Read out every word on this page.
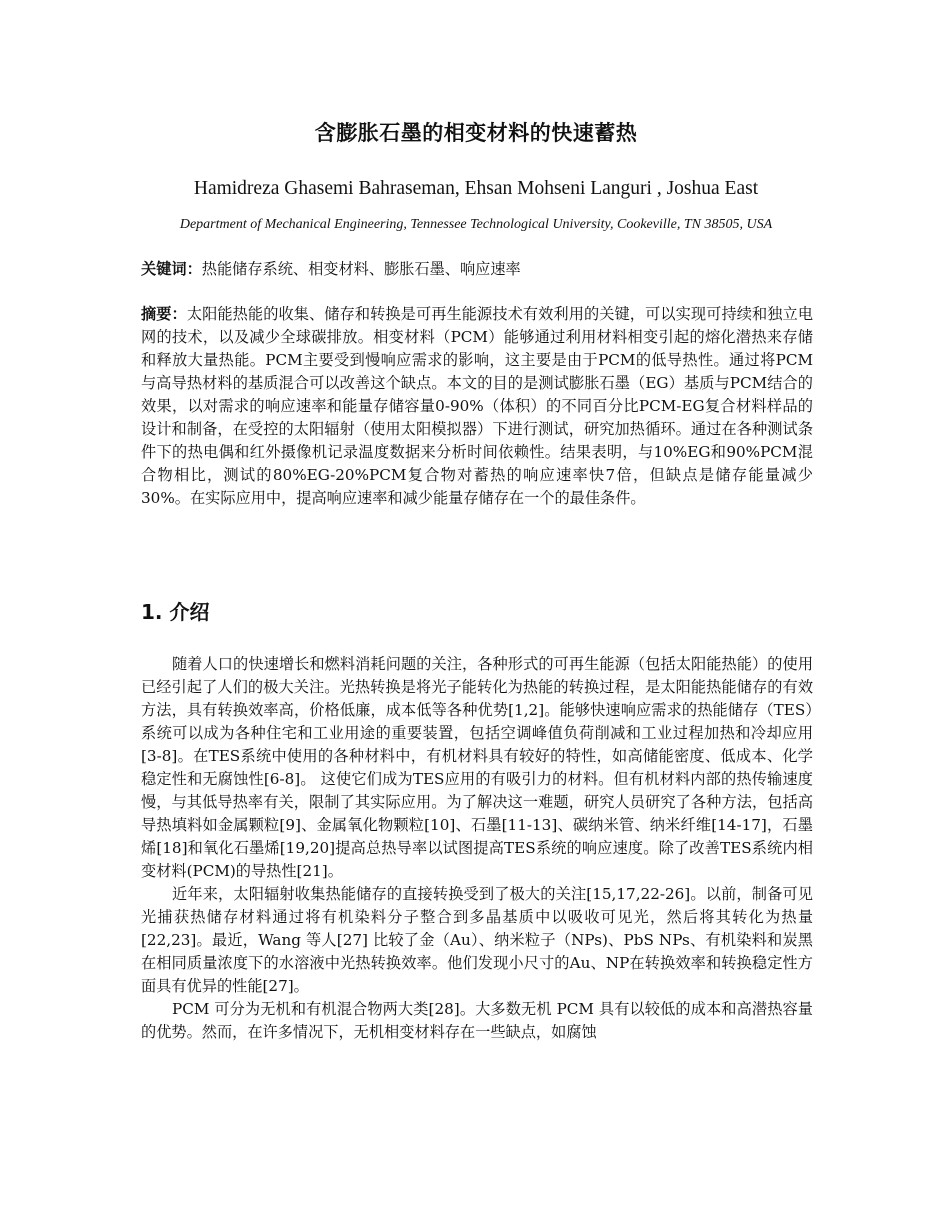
含膨胀石墨的相变材料的快速蓄热
Hamidreza Ghasemi Bahraseman, Ehsan Mohseni Languri , Joshua East
Department of Mechanical Engineering, Tennessee Technological University, Cookeville, TN 38505, USA
关键词：热能储存系统、相变材料、膨胀石墨、响应速率

摘要：太阳能热能的收集、储存和转换是可再生能源技术有效利用的关键，可以实现可持续和独立电网的技术，以及减少全球碳排放。相变材料（PCM）能够通过利用材料相变引起的熔化潜热来存储和释放大量热能。PCM主要受到慢响应需求的影响，这主要是由于PCM的低导热性。通过将PCM与高导热材料的基质混合可以改善这个缺点。本文的目的是测试膨胀石墨（EG）基质与PCM结合的效果，以对需求的响应速率和能量存储容量0-90%（体积）的不同百分比PCM-EG复合材料样品的设计和制备，在受控的太阳辐射（使用太阳模拟器）下进行测试，研究加热循环。通过在各种测试条件下的热电偶和红外摄像机记录温度数据来分析时间依赖性。结果表明，与10%EG和90%PCM混合物相比，测试的80%EG-20%PCM复合物对蓄热的响应速率快7倍，但缺点是储存能量减少30%。在实际应用中，提高响应速率和减少能量存储存在一个的最佳条件。

1. 介绍

随着人口的快速增长和燃料消耗问题的关注，各种形式的可再生能源（包括太阳能热能）的使用已经引起了人们的极大关注。光热转换是将光子能转化为热能的转换过程，是太阳能热能储存的有效方法，具有转换效率高，价格低廉，成本低等各种优势[1,2]。能够快速响应需求的热能储存（TES）系统可以成为各种住宅和工业用途的重要装置，包括空调峰值负荷削减和工业过程加热和冷却应用[3-8]。在TES系统中使用的各种材料中，有机材料具有较好的特性，如高储能密度、低成本、化学稳定性和无腐蚀性[6-8]。 这使它们成为TES应用的有吸引力的材料。但有机材料内部的热传输速度慢，与其低导热率有关，限制了其实际应用。为了解决这一难题，研究人员研究了各种方法，包括高导热填料如金属颗粒[9]、金属氧化物颗粒[10]、石墨[11-13]、碳纳米管、纳米纤维[14-17]，石墨烯[18]和氧化石墨烯[19,20]提高总热导率以试图提高TES系统的响应速度。除了改善TES系统内相变材料(PCM)的导热性[21]。

近年来，太阳辐射收集热能储存的直接转换受到了极大的关注[15,17,22-26]。以前，制备可见光捕获热储存材料通过将有机染料分子整合到多晶基质中以吸收可见光，然后将其转化为热量[22,23]。最近，Wang 等人[27] 比较了金（Au）、纳米粒子（NPs)、PbS NPs、有机染料和炭黑在相同质量浓度下的水溶液中光热转换效率。他们发现小尺寸的Au、NP在转换效率和转换稳定性方面具有优异的性能[27]。

PCM 可分为无机和有机混合物两大类[28]。大多数无机 PCM 具有以较低的成本和高潜热容量的优势。然而，在许多情况下，无机相变材料存在一些缺点，如腐蚀
